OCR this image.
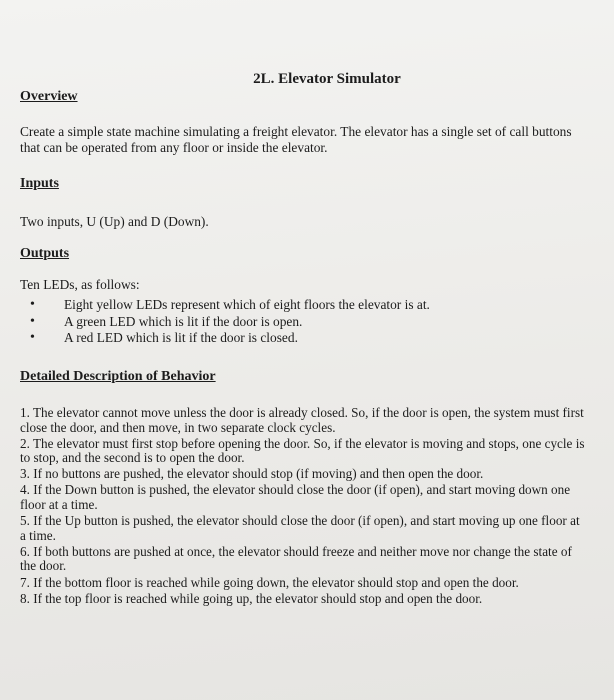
2L. Elevator Simulator
Overview
Create a simple state machine simulating a freight elevator. The elevator has a single set of call buttons that can be operated from any floor or inside the elevator.
Inputs
Two inputs, U (Up) and D (Down).
Outputs
Ten LEDs, as follows:
• Eight yellow LEDs represent which of eight floors the elevator is at.
• A green LED which is lit if the door is open.
• A red LED which is lit if the door is closed.
Detailed Description of Behavior

1. The elevator cannot move unless the door is already closed. So, if the door is open, the system must first close the door, and then move, in two separate clock cycles.

2. The elevator must first stop before opening the door. So, if the elevator is moving and stops, one cycle is to stop, and the second is to open the door.

3. If no buttons are pushed, the elevator should stop (if moving) and then open the door.

4. If the Down button is pushed, the elevator should close the door (if open), and start moving down one floor at a time.

5. If the Up button is pushed, the elevator should close the door (if open), and start moving up one floor at a time.

6. If both buttons are pushed at once, the elevator should freeze and neither move nor change the state of the door.

7. If the bottom floor is reached while going down, the elevator should stop and open the door.

8. If the top floor is reached while going up, the elevator should stop and open the door.
